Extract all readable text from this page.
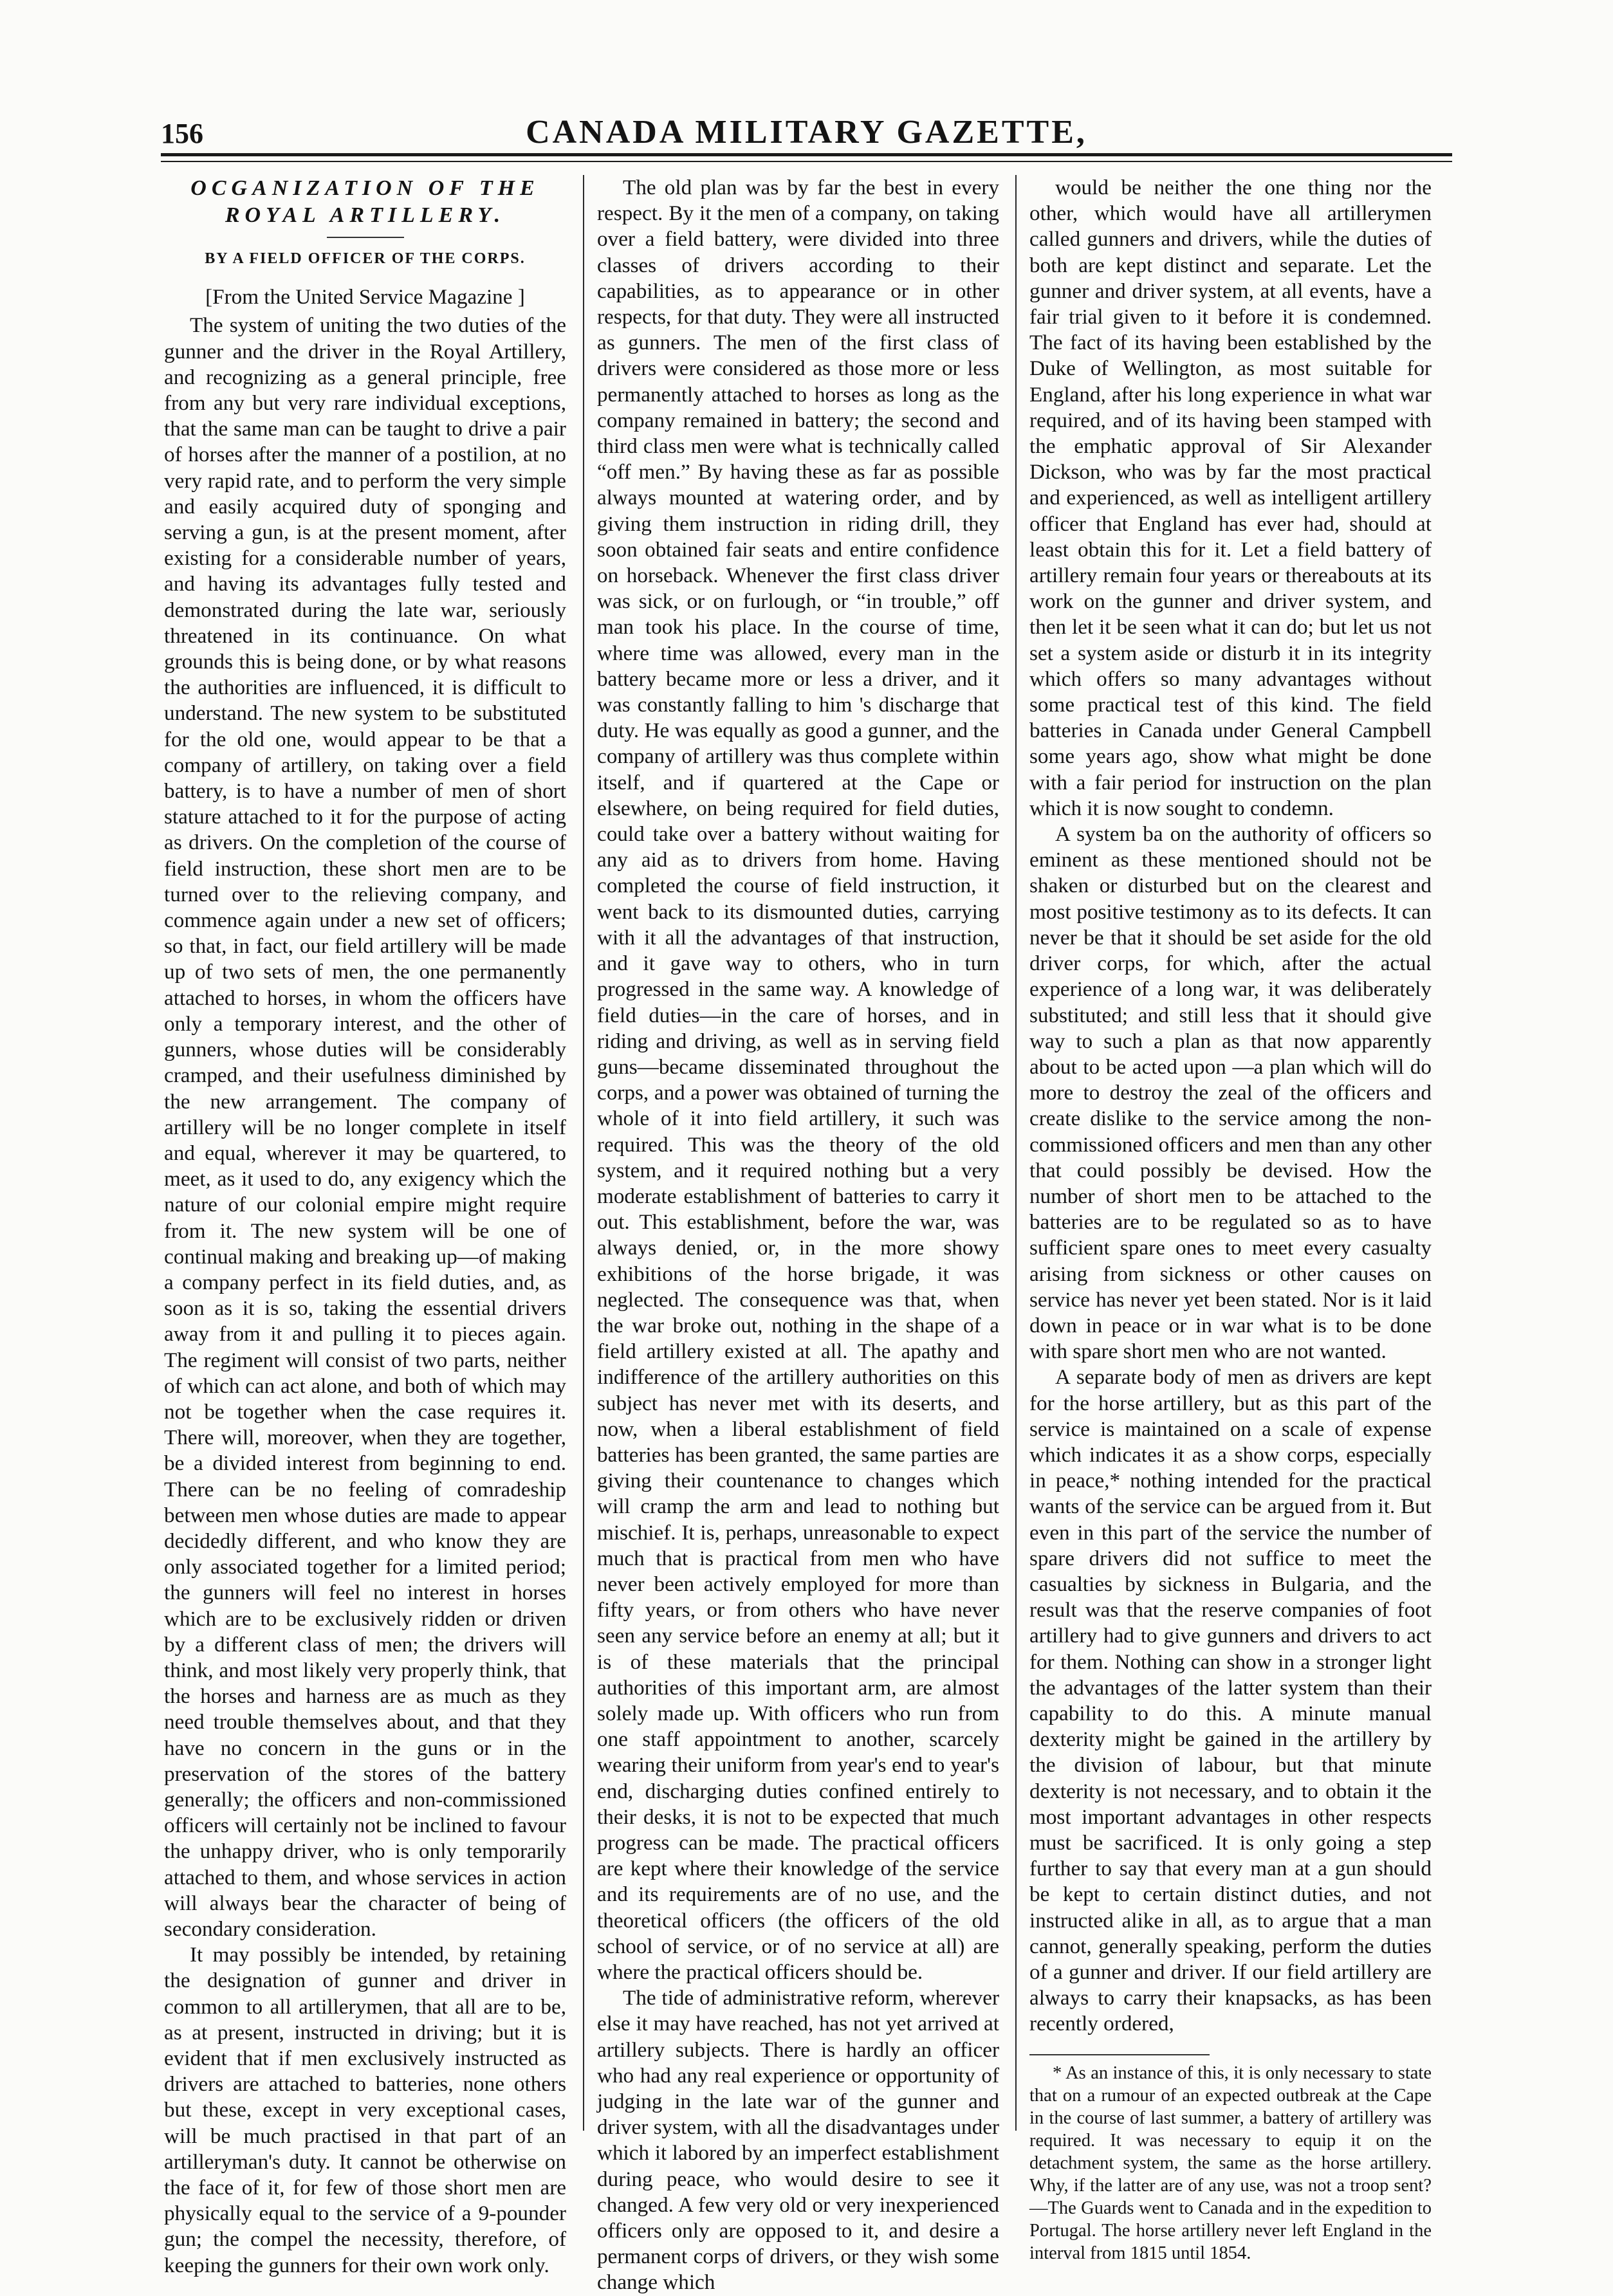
156	CANADA MILITARY GAZETTE,
OCGANIZATION OF THE ROYAL ARTILLERY.
BY A FIELD OFFICER OF THE CORPS.
[From the United Service Magazine ]

The system of uniting the two duties of the gunner and the driver in the Royal Artillery, and recognizing as a general principle, free from any but very rare individual exceptions, that the same man can be taught to drive a pair of horses after the manner of a postilion, at no very rapid rate, and to perform the very simple and easily acquired duty of sponging and serving a gun, is at the present moment, after existing for a considerable number of years, and having its advantages fully tested and demonstrated during the late war, seriously threatened in its continuance. On what grounds this is being done, or by what reasons the authorities are influenced, it is difficult to understand. The new system to be substituted for the old one, would appear to be that a company of artillery, on taking over a field battery, is to have a number of men of short stature attached to it for the purpose of acting as drivers. On the completion of the course of field instruction, these short men are to be turned over to the relieving company, and commence again under a new set of officers; so that, in fact, our field artillery will be made up of two sets of men, the one permanently attached to horses, in whom the officers have only a temporary interest, and the other of gunners, whose duties will be considerably cramped, and their usefulness diminished by the new arrangement. The company of artillery will be no longer complete in itself and equal, wherever it may be quartered, to meet, as it used to do, any exigency which the nature of our colonial empire might require from it. The new system will be one of continual making and breaking up—of making a company perfect in its field duties, and, as soon as it is so, taking the essential drivers away from it and pulling it to pieces again. The regiment will consist of two parts, neither of which can act alone, and both of which may not be together when the case requires it. There will, moreover, when they are together, be a divided interest from beginning to end. There can be no feeling of comradeship between men whose duties are made to appear decidedly different, and who know they are only associated together for a limited period; the gunners will feel no interest in horses which are to be exclusively ridden or driven by a different class of men; the drivers will think, and most likely very properly think, that the horses and harness are as much as they need trouble themselves about, and that they have no concern in the guns or in the preservation of the stores of the battery generally; the officers and non-commissioned officers will certainly not be inclined to favour the unhappy driver, who is only temporarily attached to them, and whose services in action will always bear the character of being of secondary consideration.

It may possibly be intended, by retaining the designation of gunner and driver in common to all artillerymen, that all are to be, as at present, instructed in driving; but it is evident that if men exclusively instructed as drivers are attached to batteries, none others but these, except in very exceptional cases, will be much practised in that part of an artilleryman's duty. It cannot be otherwise on the face of it, for few of those short men are physically equal to the service of a 9-pounder gun; the compel the necessity, therefore, of keeping the gunners for their own work only.

The old plan was by far the best in every respect. By it the men of a company, on taking over a field battery, were divided into three classes of drivers according to their capabilities, as to appearance or in other respects, for that duty. They were all instructed as gunners. The men of the first class of drivers were considered as those more or less permanently attached to horses as long as the company remained in battery; the second and third class men were what is technically called “off men.” By having these as far as possible always mounted at watering order, and by giving them instruction in riding drill, they soon obtained fair seats and entire confidence on horseback. Whenever the first class driver was sick, or on furlough, or “in trouble,” off man took his place. In the course of time, where time was allowed, every man in the battery became more or less a driver, and it was constantly falling to him 's discharge that duty. He was equally as good a gunner, and the company of artillery was thus complete within itself, and if quartered at the Cape or elsewhere, on being required for field duties, could take over a battery without waiting for any aid as to drivers from home. Having completed the course of field instruction, it went back to its dismounted duties, carrying with it all the advantages of that instruction, and it gave way to others, who in turn progressed in the same way. A knowledge of field duties—in the care of horses, and in riding and driving, as well as in serving field guns—became disseminated throughout the corps, and a power was obtained of turning the whole of it into field artillery, it such was required. This was the theory of the old system, and it required nothing but a very moderate establishment of batteries to carry it out. This establishment, before the war, was always denied, or, in the more showy exhibitions of the horse brigade, it was neglected. The consequence was that, when the war broke out, nothing in the shape of a field artillery existed at all. The apathy and indifference of the artillery authorities on this subject has never met with its deserts, and now, when a liberal establishment of field batteries has been granted, the same parties are giving their countenance to changes which will cramp the arm and lead to nothing but mischief. It is, perhaps, unreasonable to expect much that is practical from men who have never been actively employed for more than fifty years, or from others who have never seen any service before an enemy at all; but it is of these materials that the principal authorities of this important arm, are almost solely made up. With officers who run from one staff appointment to another, scarcely wearing their uniform from year's end to year's end, discharging duties confined entirely to their desks, it is not to be expected that much progress can be made. The practical officers are kept where their knowledge of the service and its requirements are of no use, and the theoretical officers (the officers of the old school of service, or of no service at all) are where the practical officers should be.

The tide of administrative reform, wherever else it may have reached, has not yet arrived at artillery subjects. There is hardly an officer who had any real experience or opportunity of judging in the late war of the gunner and driver system, with all the disadvantages under which it labored by an imperfect establishment during peace, who would desire to see it changed. A few very old or very inexperienced officers only are opposed to it, and desire a permanent corps of drivers, or they wish some change which

would be neither the one thing nor the other, which would have all artillerymen called gunners and drivers, while the duties of both are kept distinct and separate. Let the gunner and driver system, at all events, have a fair trial given to it before it is condemned. The fact of its having been established by the Duke of Wellington, as most suitable for England, after his long experience in what war required, and of its having been stamped with the emphatic approval of Sir Alexander Dickson, who was by far the most practical and experienced, as well as intelligent artillery officer that England has ever had, should at least obtain this for it. Let a field battery of artillery remain four years or thereabouts at its work on the gunner and driver system, and then let it be seen what it can do; but let us not set a system aside or disturb it in its integrity which offers so many advantages without some practical test of this kind. The field batteries in Canada under General Campbell some years ago, show what might be done with a fair period for instruction on the plan which it is now sought to condemn.

A system ba on the authority of officers so eminent as these mentioned should not be shaken or disturbed but on the clearest and most positive testimony as to its defects. It can never be that it should be set aside for the old driver corps, for which, after the actual experience of a long war, it was deliberately substituted; and still less that it should give way to such a plan as that now apparently about to be acted upon —a plan which will do more to destroy the zeal of the officers and create dislike to the service among the non-commissioned officers and men than any other that could possibly be devised. How the number of short men to be attached to the batteries are to be regulated so as to have sufficient spare ones to meet every casualty arising from sickness or other causes on service has never yet been stated. Nor is it laid down in peace or in war what is to be done with spare short men who are not wanted.

A separate body of men as drivers are kept for the horse artillery, but as this part of the service is maintained on a scale of expense which indicates it as a show corps, especially in peace,* nothing intended for the practical wants of the service can be argued from it. But even in this part of the service the number of spare drivers did not suffice to meet the casualties by sickness in Bulgaria, and the result was that the reserve companies of foot artillery had to give gunners and drivers to act for them. Nothing can show in a stronger light the advantages of the latter system than their capability to do this. A minute manual dexterity might be gained in the artillery by the division of labour, but that minute dexterity is not necessary, and to obtain it the most important advantages in other respects must be sacrificed. It is only going a step further to say that every man at a gun should be kept to certain distinct duties, and not instructed alike in all, as to argue that a man cannot, generally speaking, perform the duties of a gunner and driver. If our field artillery are always to carry their knapsacks, as has been recently ordered,

* As an instance of this, it is only necessary to state that on a rumour of an expected outbreak at the Cape in the course of last summer, a battery of artillery was required. It was necessary to equip it on the detachment system, the same as the horse artillery. Why, if the latter are of any use, was not a troop sent?—The Guards went to Canada and in the expedition to Portugal. The horse artillery never left England in the interval from 1815 until 1854.
